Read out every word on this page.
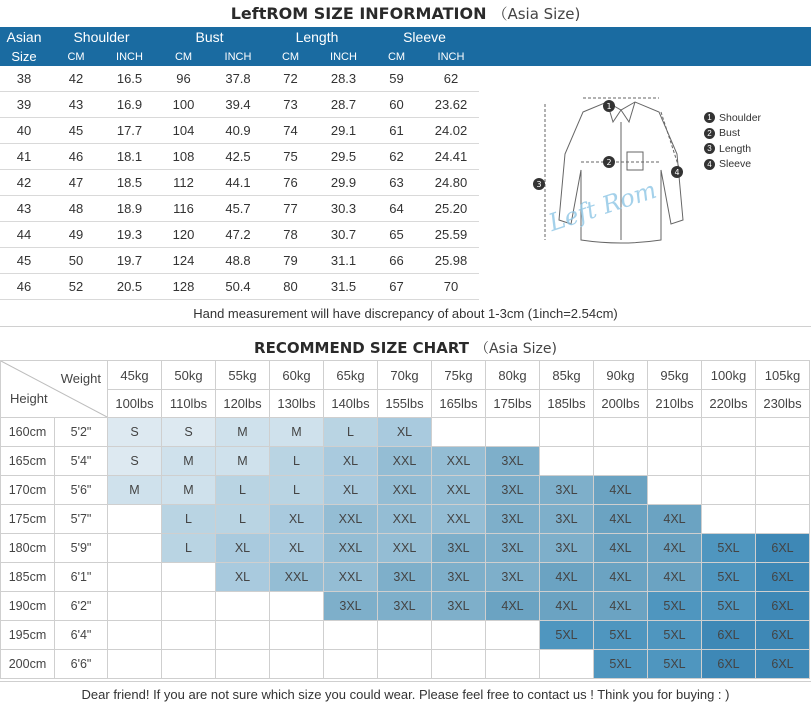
LeftROM SIZE INFORMATION （Asia Size)
Asian	Shoulder		Bust		Length		Sleeve	
Size	CM	INCH	CM	INCH	CM	INCH	CM	INCH
38	42	16.5	96	37.8	72	28.3	59	62
39	43	16.9	100	39.4	73	28.7	60	23.62
40	45	17.7	104	40.9	74	29.1	61	24.02
41	46	18.1	108	42.5	75	29.5	62	24.41
42	47	18.5	112	44.1	76	29.9	63	24.80
43	48	18.9	116	45.7	77	30.3	64	25.20
44	49	19.3	120	47.2	78	30.7	65	25.59
45	50	19.7	124	48.8	79	31.1	66	25.98
46	52	20.5	128	50.4	80	31.5	67	70
1
2
3
4
Left Rom
1 Shoulder
2 Bust
3 Length
4 Sleeve
Hand measurement will have discrepancy of about 1-3cm (1inch=2.54cm)
RECOMMEND SIZE CHART （Asia Size)
Weight
Height		45kg	50kg	55kg	60kg	65kg	70kg	75kg	80kg	85kg	90kg	95kg	100kg	105kg
		100lbs	110lbs	120lbs	130lbs	140lbs	155lbs	165lbs	175lbs	185lbs	200lbs	210lbs	220lbs	230lbs
160cm	5'2"	S	S	M	M	L	XL							
165cm	5'4"	S	M	M	L	XL	XXL	XXL	3XL					
170cm	5'6"	M	M	L	L	XL	XXL	XXL	3XL	3XL	4XL			
175cm	5'7"		L	L	XL	XXL	XXL	XXL	3XL	3XL	4XL	4XL		
180cm	5'9"		L	XL	XL	XXL	XXL	3XL	3XL	3XL	4XL	4XL	5XL	6XL
185cm	6'1"			XL	XXL	XXL	3XL	3XL	3XL	4XL	4XL	4XL	5XL	6XL
190cm	6'2"					3XL	3XL	3XL	4XL	4XL	4XL	5XL	5XL	6XL
195cm	6'4"									5XL	5XL	5XL	6XL	6XL
200cm	6'6"										5XL	5XL	6XL	6XL
Dear friend! If you are not sure which size you could wear. Please feel free to contact us ! Think you for buying : )
